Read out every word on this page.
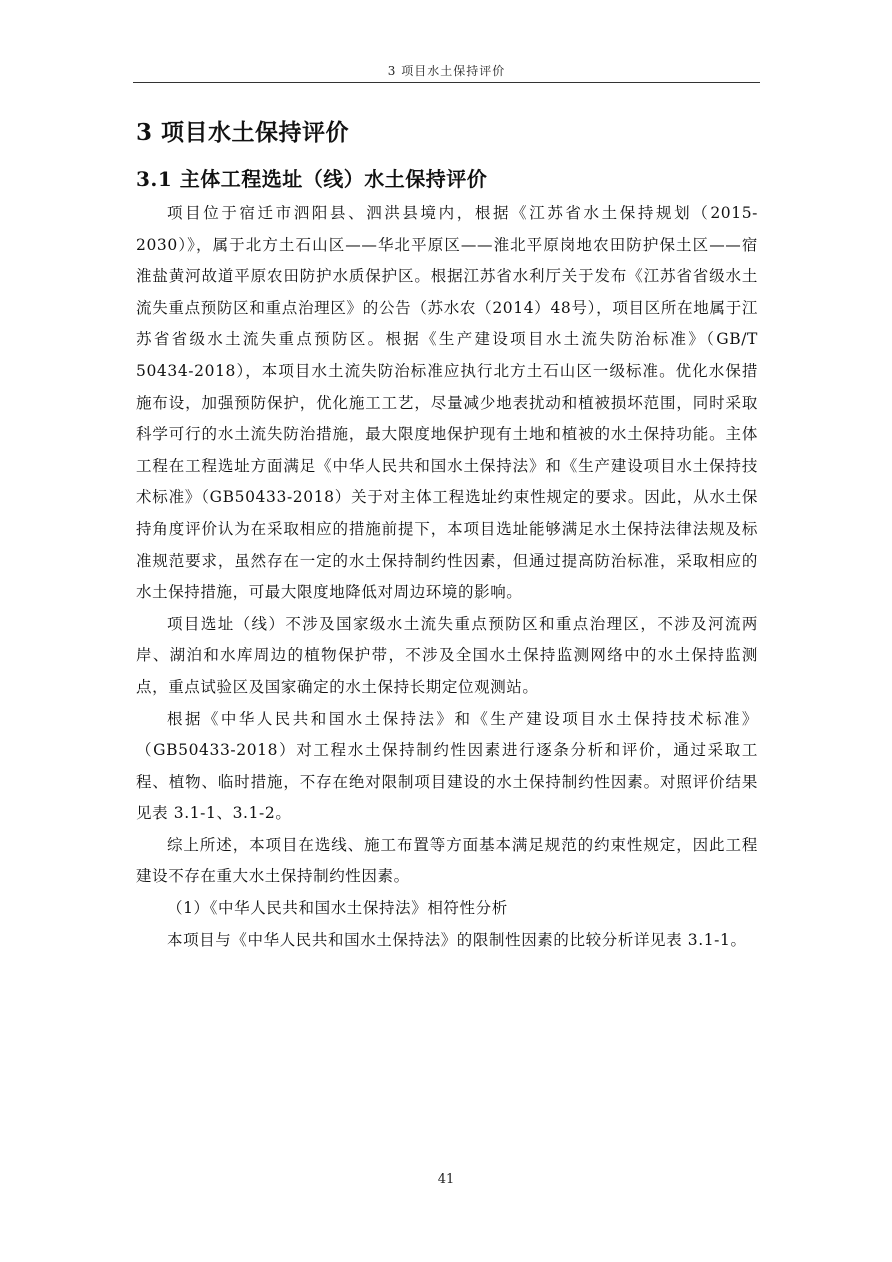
3 项目水土保持评价
3 项目水土保持评价
3.1 主体工程选址（线）水土保持评价

项目位于宿迁市泗阳县、泗洪县境内，根据《江苏省水土保持规划（2015-2030）》，属于北方土石山区——华北平原区——淮北平原岗地农田防护保土区——宿淮盐黄河故道平原农田防护水质保护区。根据江苏省水利厅关于发布《江苏省省级水土流失重点预防区和重点治理区》的公告（苏水农（2014）48号），项目区所在地属于江苏省省级水土流失重点预防区。根据《生产建设项目水土流失防治标准》（GB/T 50434-2018），本项目水土流失防治标准应执行北方土石山区一级标准。优化水保措施布设，加强预防保护，优化施工工艺，尽量减少地表扰动和植被损坏范围，同时采取科学可行的水土流失防治措施，最大限度地保护现有土地和植被的水土保持功能。主体工程在工程选址方面满足《中华人民共和国水土保持法》和《生产建设项目水土保持技术标准》（GB50433-2018）关于对主体工程选址约束性规定的要求。因此，从水土保持角度评价认为在采取相应的措施前提下，本项目选址能够满足水土保持法律法规及标准规范要求，虽然存在一定的水土保持制约性因素，但通过提高防治标准，采取相应的水土保持措施，可最大限度地降低对周边环境的影响。

项目选址（线）不涉及国家级水土流失重点预防区和重点治理区，不涉及河流两岸、湖泊和水库周边的植物保护带，不涉及全国水土保持监测网络中的水土保持监测点，重点试验区及国家确定的水土保持长期定位观测站。

根据《中华人民共和国水土保持法》和《生产建设项目水土保持技术标准》（GB50433-2018）对工程水土保持制约性因素进行逐条分析和评价，通过采取工程、植物、临时措施，不存在绝对限制项目建设的水土保持制约性因素。对照评价结果见表 3.1-1、3.1-2。

综上所述，本项目在选线、施工布置等方面基本满足规范的约束性规定，因此工程建设不存在重大水土保持制约性因素。

（1）《中华人民共和国水土保持法》相符性分析

本项目与《中华人民共和国水土保持法》的限制性因素的比较分析详见表 3.1-1。

41
